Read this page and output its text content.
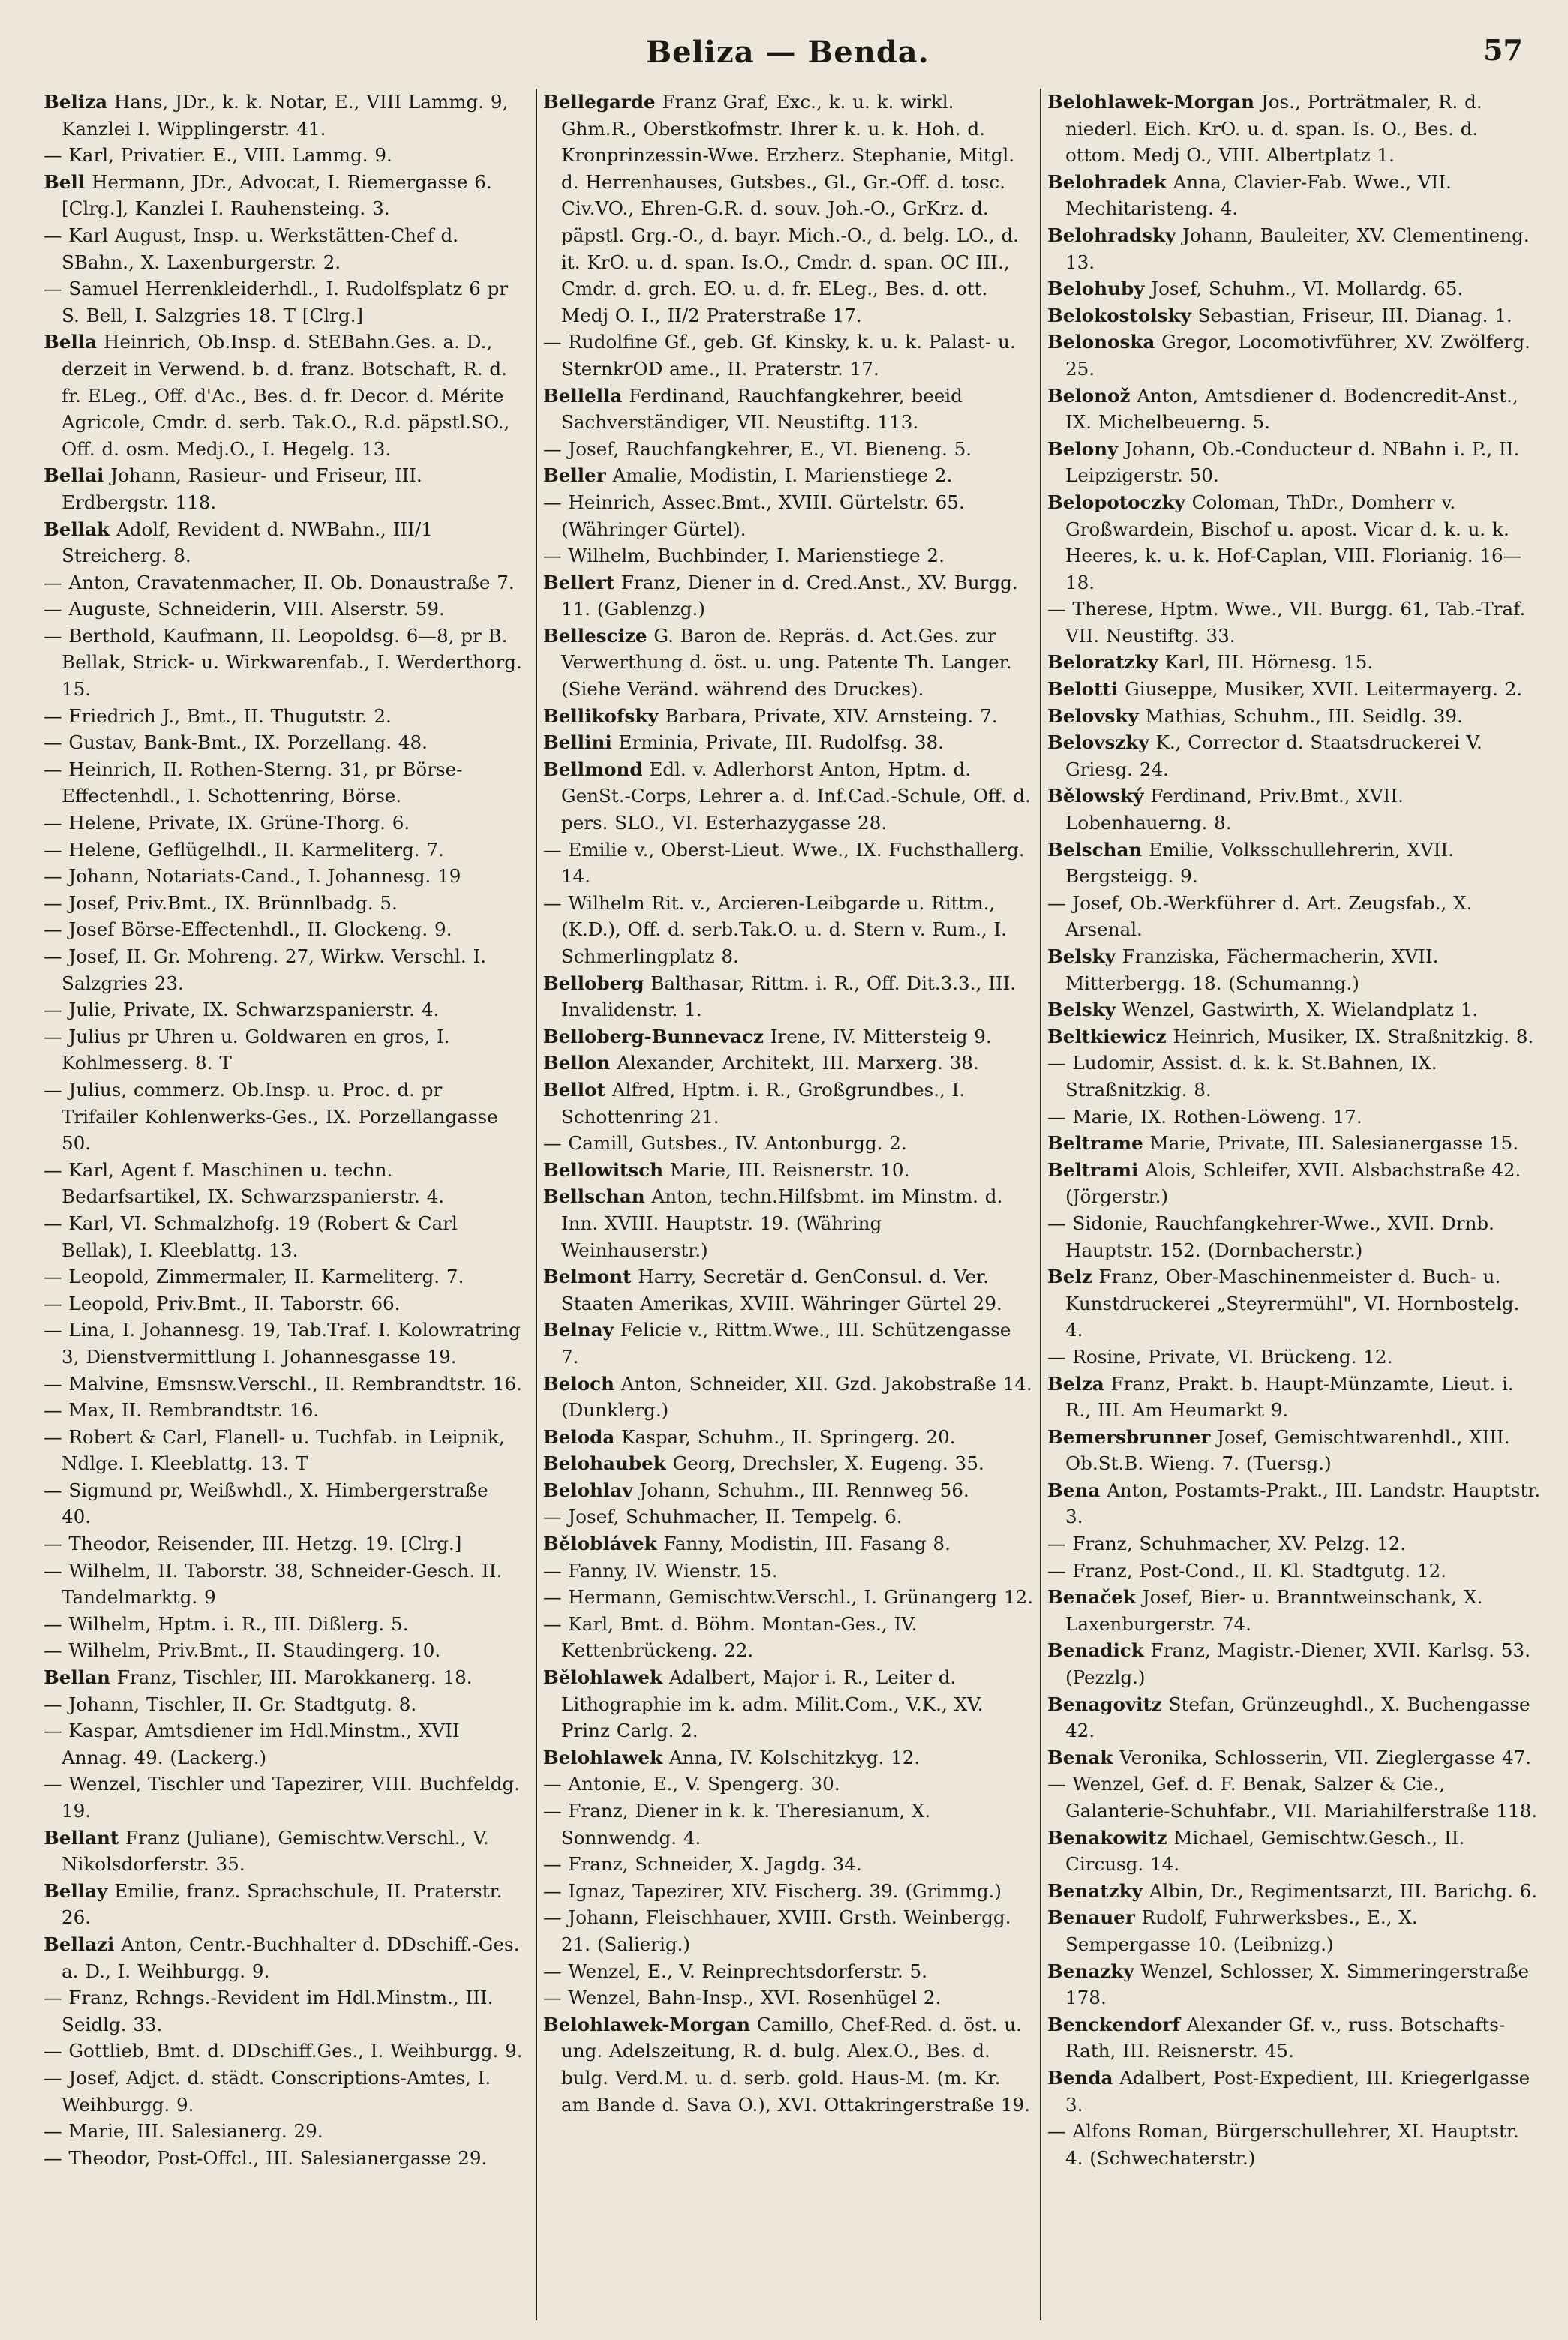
Beliza — Benda.	57

Beliza Hans, JDr., k. k. Notar, E., VIII Lammg. 9, Kanzlei I. Wipplingerstr. 41.

— Karl, Privatier. E., VIII. Lammg. 9.

Bell Hermann, JDr., Advocat, I. Riemergasse 6. [Clrg.], Kanzlei I. Rauhensteing. 3.

— Karl August, Insp. u. Werkstätten-Chef d. SBahn., X. Laxenburgerstr. 2.

— Samuel Herrenkleiderhdl., I. Rudolfsplatz 6 pr S. Bell, I. Salzgries 18. T [Clrg.]

Bella Heinrich, Ob.Insp. d. StEBahn.Ges. a. D., derzeit in Verwend. b. d. franz. Botschaft, R. d. fr. ELeg., Off. d'Ac., Bes. d. fr. Decor. d. Mérite Agricole, Cmdr. d. serb. Tak.O., R.d. päpstl.SO., Off. d. osm. Medj.O., I. Hegelg. 13.

Bellai Johann, Rasieur- und Friseur, III. Erdbergstr. 118.

Bellak Adolf, Revident d. NWBahn., III/1 Streicherg. 8.

— Anton, Cravatenmacher, II. Ob. Donaustraße 7.

— Auguste, Schneiderin, VIII. Alserstr. 59.

— Berthold, Kaufmann, II. Leopoldsg. 6—8, pr B. Bellak, Strick- u. Wirkwarenfab., I. Werderthorg. 15.

— Friedrich J., Bmt., II. Thugutstr. 2.

— Gustav, Bank-Bmt., IX. Porzellang. 48.

— Heinrich, II. Rothen-Sterng. 31, pr Börse-Effectenhdl., I. Schottenring, Börse.

— Helene, Private, IX. Grüne-Thorg. 6.

— Helene, Geflügelhdl., II. Karmeliterg. 7.

— Johann, Notariats-Cand., I. Johannesg. 19

— Josef, Priv.Bmt., IX. Brünnlbadg. 5.

— Josef Börse-Effectenhdl., II. Glockeng. 9.

— Josef, II. Gr. Mohreng. 27, Wirkw. Verschl. I. Salzgries 23.

— Julie, Private, IX. Schwarzspanierstr. 4.

— Julius pr Uhren u. Goldwaren en gros, I. Kohlmesserg. 8. T

— Julius, commerz. Ob.Insp. u. Proc. d. pr Trifailer Kohlenwerks-Ges., IX. Porzellangasse 50.

— Karl, Agent f. Maschinen u. techn. Bedarfsartikel, IX. Schwarzspanierstr. 4.

— Karl, VI. Schmalzhofg. 19 (Robert & Carl Bellak), I. Kleeblattg. 13.

— Leopold, Zimmermaler, II. Karmeliterg. 7.

— Leopold, Priv.Bmt., II. Taborstr. 66.

— Lina, I. Johannesg. 19, Tab.Traf. I. Kolowratring 3, Dienstvermittlung I. Johannesgasse 19.

— Malvine, Emsnsw.Verschl., II. Rembrandtstr. 16.

— Max, II. Rembrandtstr. 16.

— Robert & Carl, Flanell- u. Tuchfab. in Leipnik, Ndlge. I. Kleeblattg. 13. T

— Sigmund pr, Weißwhdl., X. Himbergerstraße 40.

— Theodor, Reisender, III. Hetzg. 19. [Clrg.]

— Wilhelm, II. Taborstr. 38, Schneider-Gesch. II. Tandelmarktg. 9

— Wilhelm, Hptm. i. R., III. Dißlerg. 5.

— Wilhelm, Priv.Bmt., II. Staudingerg. 10.

Bellan Franz, Tischler, III. Marokkanerg. 18.

— Johann, Tischler, II. Gr. Stadtgutg. 8.

— Kaspar, Amtsdiener im Hdl.Minstm., XVII Annag. 49. (Lackerg.)

— Wenzel, Tischler und Tapezirer, VIII. Buchfeldg. 19.

Bellant Franz (Juliane), Gemischtw.Verschl., V. Nikolsdorferstr. 35.

Bellay Emilie, franz. Sprachschule, II. Praterstr. 26.

Bellazi Anton, Centr.-Buchhalter d. DDschiff.-Ges. a. D., I. Weihburgg. 9.

— Franz, Rchngs.-Revident im Hdl.Minstm., III. Seidlg. 33.

— Gottlieb, Bmt. d. DDschiff.Ges., I. Weihburgg. 9.

— Josef, Adjct. d. städt. Conscriptions-Amtes, I. Weihburgg. 9.

— Marie, III. Salesianerg. 29.

— Theodor, Post-Offcl., III. Salesianergasse 29.

Bellegarde Franz Graf, Exc., k. u. k. wirkl. Ghm.R., Oberstkofmstr. Ihrer k. u. k. Hoh. d. Kronprinzessin-Wwe. Erzherz. Stephanie, Mitgl. d. Herrenhauses, Gutsbes., Gl., Gr.-Off. d. tosc. Civ.VO., Ehren-G.R. d. souv. Joh.-O., GrKrz. d. päpstl. Grg.-O., d. bayr. Mich.-O., d. belg. LO., d. it. KrO. u. d. span. Is.O., Cmdr. d. span. OC III., Cmdr. d. grch. EO. u. d. fr. ELeg., Bes. d. ott. Medj O. I., II/2 Praterstraße 17.

— Rudolfine Gf., geb. Gf. Kinsky, k. u. k. Palast- u. SternkrOD ame., II. Praterstr. 17.

Bellella Ferdinand, Rauchfangkehrer, beeid Sachverständiger, VII. Neustiftg. 113.

— Josef, Rauchfangkehrer, E., VI. Bieneng. 5.

Beller Amalie, Modistin, I. Marienstiege 2.

— Heinrich, Assec.Bmt., XVIII. Gürtelstr. 65. (Währinger Gürtel).

— Wilhelm, Buchbinder, I. Marienstiege 2.

Bellert Franz, Diener in d. Cred.Anst., XV. Burgg. 11. (Gablenzg.)

Bellescize G. Baron de. Repräs. d. Act.Ges. zur Verwerthung d. öst. u. ung. Patente Th. Langer. (Siehe Veränd. während des Druckes).

Bellikofsky Barbara, Private, XIV. Arnsteing. 7.

Bellini Erminia, Private, III. Rudolfsg. 38.

Bellmond Edl. v. Adlerhorst Anton, Hptm. d. GenSt.-Corps, Lehrer a. d. Inf.Cad.-Schule, Off. d. pers. SLO., VI. Esterhazygasse 28.

— Emilie v., Oberst-Lieut. Wwe., IX. Fuchsthallerg. 14.

— Wilhelm Rit. v., Arcieren-Leibgarde u. Rittm., (K.D.), Off. d. serb.Tak.O. u. d. Stern v. Rum., I. Schmerlingplatz 8.

Belloberg Balthasar, Rittm. i. R., Off. Dit.3.3., III. Invalidenstr. 1.

Belloberg-Bunnevacz Irene, IV. Mittersteig 9.

Bellon Alexander, Architekt, III. Marxerg. 38.

Bellot Alfred, Hptm. i. R., Großgrundbes., I. Schottenring 21.

— Camill, Gutsbes., IV. Antonburgg. 2.

Bellowitsch Marie, III. Reisnerstr. 10.

Bellschan Anton, techn.Hilfsbmt. im Minstm. d. Inn. XVIII. Hauptstr. 19. (Währing Weinhauserstr.)

Belmont Harry, Secretär d. GenConsul. d. Ver. Staaten Amerikas, XVIII. Währinger Gürtel 29.

Belnay Felicie v., Rittm.Wwe., III. Schützengasse 7.

Beloch Anton, Schneider, XII. Gzd. Jakobstraße 14. (Dunklerg.)

Beloda Kaspar, Schuhm., II. Springerg. 20.

Belohaubek Georg, Drechsler, X. Eugeng. 35.

Belohlav Johann, Schuhm., III. Rennweg 56.

— Josef, Schuhmacher, II. Tempelg. 6.

Běloblávek Fanny, Modistin, III. Fasang 8.

— Fanny, IV. Wienstr. 15.

— Hermann, Gemischtw.Verschl., I. Grünangerg 12.

— Karl, Bmt. d. Böhm. Montan-Ges., IV. Kettenbrückeng. 22.

Bělohlawek Adalbert, Major i. R., Leiter d. Lithographie im k. adm. Milit.Com., V.K., XV. Prinz Carlg. 2.

Belohlawek Anna, IV. Kolschitzkyg. 12.

— Antonie, E., V. Spengerg. 30.

— Franz, Diener in k. k. Theresianum, X. Sonnwendg. 4.

— Franz, Schneider, X. Jagdg. 34.

— Ignaz, Tapezirer, XIV. Fischerg. 39. (Grimmg.)

— Johann, Fleischhauer, XVIII. Grsth. Weinbergg. 21. (Salierig.)

— Wenzel, E., V. Reinprechtsdorferstr. 5.

— Wenzel, Bahn-Insp., XVI. Rosenhügel 2.

Belohlawek-Morgan Camillo, Chef-Red. d. öst. u. ung. Adelszeitung, R. d. bulg. Alex.O., Bes. d. bulg. Verd.M. u. d. serb. gold. Haus-M. (m. Kr. am Bande d. Sava O.), XVI. Ottakringerstraße 19.

Belohlawek-Morgan Jos., Porträtmaler, R. d. niederl. Eich. KrO. u. d. span. Is. O., Bes. d. ottom. Medj O., VIII. Albertplatz 1.

Belohradek Anna, Clavier-Fab. Wwe., VII. Mechitaristeng. 4.

Belohradsky Johann, Bauleiter, XV. Clementineng. 13.

Belohuby Josef, Schuhm., VI. Mollardg. 65.

Belokostolsky Sebastian, Friseur, III. Dianag. 1.

Belonoska Gregor, Locomotivführer, XV. Zwölferg. 25.

Belonož Anton, Amtsdiener d. Bodencredit-Anst., IX. Michelbeuerng. 5.

Belony Johann, Ob.-Conducteur d. NBahn i. P., II. Leipzigerstr. 50.

Belopotoczky Coloman, ThDr., Domherr v. Großwardein, Bischof u. apost. Vicar d. k. u. k. Heeres, k. u. k. Hof-Caplan, VIII. Florianig. 16—18.

— Therese, Hptm. Wwe., VII. Burgg. 61, Tab.-Traf. VII. Neustiftg. 33.

Beloratzky Karl, III. Hörnesg. 15.

Belotti Giuseppe, Musiker, XVII. Leitermayerg. 2.

Belovsky Mathias, Schuhm., III. Seidlg. 39.

Belovszky K., Corrector d. Staatsdruckerei V. Griesg. 24.

Bělowský Ferdinand, Priv.Bmt., XVII. Lobenhauerng. 8.

Belschan Emilie, Volksschullehrerin, XVII. Bergsteigg. 9.

— Josef, Ob.-Werkführer d. Art. Zeugsfab., X. Arsenal.

Belsky Franziska, Fächermacherin, XVII. Mitterbergg. 18. (Schumanng.)

Belsky Wenzel, Gastwirth, X. Wielandplatz 1.

Beltkiewicz Heinrich, Musiker, IX. Straßnitzkig. 8.

— Ludomir, Assist. d. k. k. St.Bahnen, IX. Straßnitzkig. 8.

— Marie, IX. Rothen-Löweng. 17.

Beltrame Marie, Private, III. Salesianergasse 15.

Beltrami Alois, Schleifer, XVII. Alsbachstraße 42. (Jörgerstr.)

— Sidonie, Rauchfangkehrer-Wwe., XVII. Drnb. Hauptstr. 152. (Dornbacherstr.)

Belz Franz, Ober-Maschinenmeister d. Buch- u. Kunstdruckerei „Steyrermühl", VI. Hornbostelg. 4.

— Rosine, Private, VI. Brückeng. 12.

Belza Franz, Prakt. b. Haupt-Münzamte, Lieut. i. R., III. Am Heumarkt 9.

Bemersbrunner Josef, Gemischtwarenhdl., XIII. Ob.St.B. Wieng. 7. (Tuersg.)

Bena Anton, Postamts-Prakt., III. Landstr. Hauptstr. 3.

— Franz, Schuhmacher, XV. Pelzg. 12.

— Franz, Post-Cond., II. Kl. Stadtgutg. 12.

Benaček Josef, Bier- u. Branntweinschank, X. Laxenburgerstr. 74.

Benadick Franz, Magistr.-Diener, XVII. Karlsg. 53. (Pezzlg.)

Benagovitz Stefan, Grünzeughdl., X. Buchengasse 42.

Benak Veronika, Schlosserin, VII. Zieglergasse 47.

— Wenzel, Gef. d. F. Benak, Salzer & Cie., Galanterie-Schuhfabr., VII. Mariahilferstraße 118.

Benakowitz Michael, Gemischtw.Gesch., II. Circusg. 14.

Benatzky Albin, Dr., Regimentsarzt, III. Barichg. 6.

Benauer Rudolf, Fuhrwerksbes., E., X. Sempergasse 10. (Leibnizg.)

Benazky Wenzel, Schlosser, X. Simmeringerstraße 178.

Benckendorf Alexander Gf. v., russ. Botschafts-Rath, III. Reisnerstr. 45.

Benda Adalbert, Post-Expedient, III. Kriegerlgasse 3.

— Alfons Roman, Bürgerschullehrer, XI. Hauptstr. 4. (Schwechaterstr.)
